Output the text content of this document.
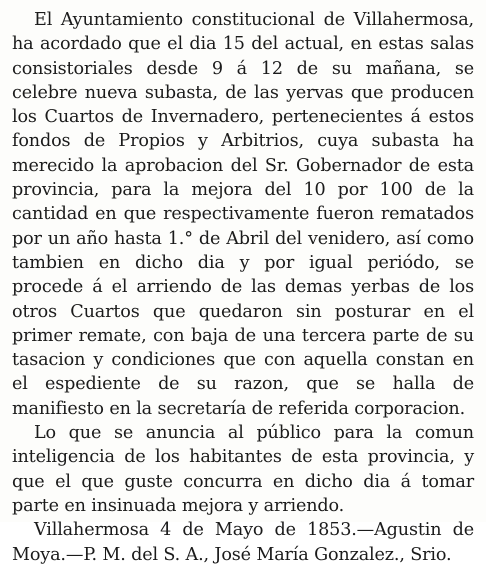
El Ayuntamiento constitucional de Villahermosa, ha acordado que el dia 15 del actual, en estas salas consistoriales desde 9 á 12 de su mañana, se celebre nueva subasta, de las yervas que producen los Cuartos de Invernadero, pertenecientes á estos fondos de Propios y Arbitrios, cuya subasta ha merecido la aprobacion del Sr. Gobernador de esta provincia, para la mejora del 10 por 100 de la cantidad en que respectivamente fueron rematados por un año hasta 1.° de Abril del venidero, así como tambien en dicho dia y por igual periódo, se procede á el arriendo de las demas yerbas de los otros Cuartos que quedaron sin posturar en el primer remate, con baja de una tercera parte de su tasacion y condiciones que con aquella constan en el espediente de su razon, que se halla de manifiesto en la secretaría de referida corporacion.

Lo que se anuncia al público para la comun inteligencia de los habitantes de esta provincia, y que el que guste concurra en dicho dia á tomar parte en insinuada mejora y arriendo.

Villahermosa 4 de Mayo de 1853.—Agustin de Moya.—P. M. del S. A., José María Gonzalez., Srio.
